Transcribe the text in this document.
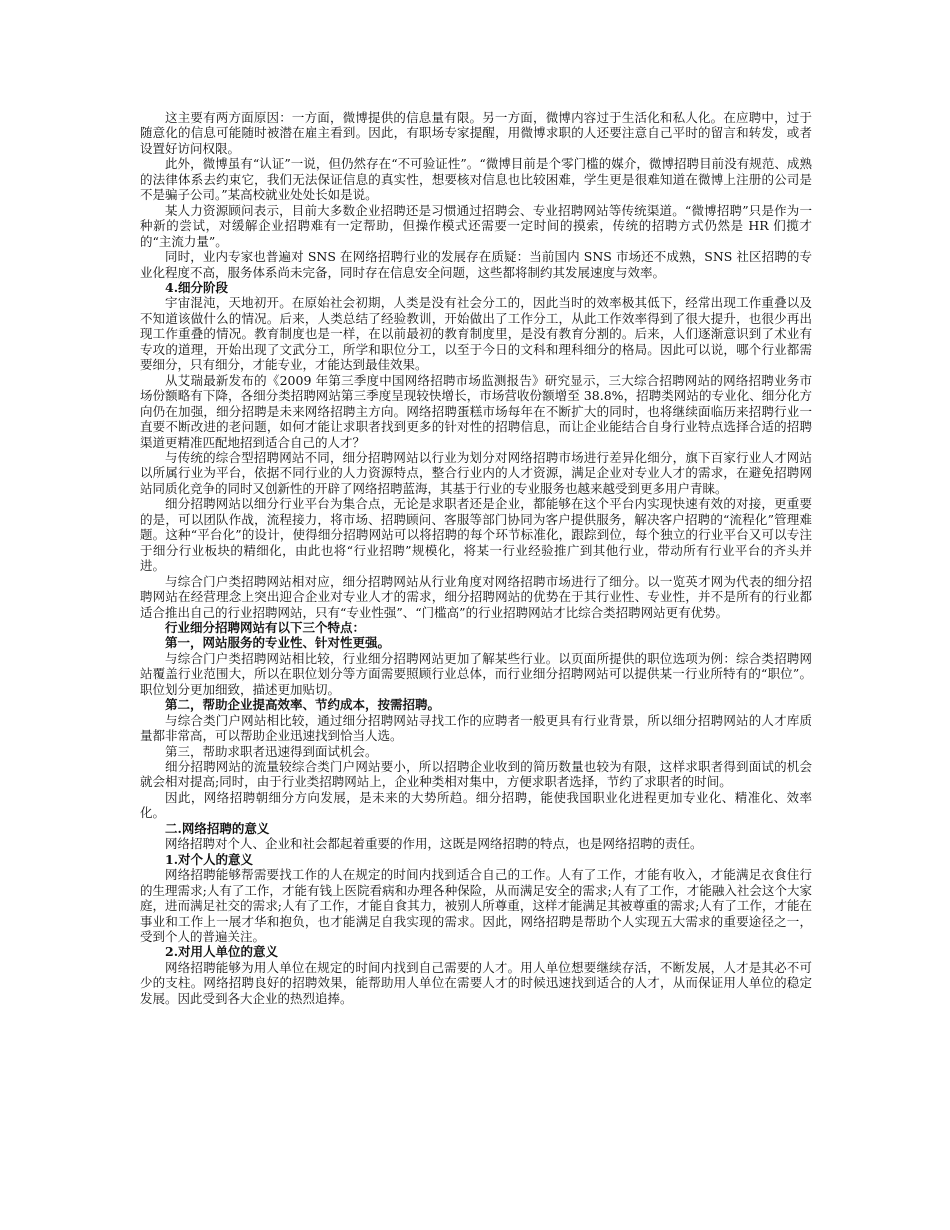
这主要有两方面原因：一方面，微博提供的信息量有限。另一方面，微博内容过于生活化和私人化。在应聘中，过于随意化的信息可能随时被潜在雇主看到。因此，有职场专家提醒，用微博求职的人还要注意自己平时的留言和转发，或者设置好访问权限。

此外，微博虽有“认证”一说，但仍然存在“不可验证性”。“微博目前是个零门槛的媒介，微博招聘目前没有规范、成熟的法律体系去约束它，我们无法保证信息的真实性，想要核对信息也比较困难，学生更是很难知道在微博上注册的公司是不是骗子公司。”某高校就业处处长如是说。

某人力资源顾问表示，目前大多数企业招聘还是习惯通过招聘会、专业招聘网站等传统渠道。“微博招聘”只是作为一种新的尝试，对缓解企业招聘难有一定帮助，但操作模式还需要一定时间的摸索，传统的招聘方式仍然是 HR 们揽才的“主流力量”。

同时，业内专家也普遍对 SNS 在网络招聘行业的发展存在质疑：当前国内 SNS 市场还不成熟，SNS 社区招聘的专业化程度不高，服务体系尚未完备，同时存在信息安全问题，这些都将制约其发展速度与效率。

4.细分阶段

宇宙混沌，天地初开。在原始社会初期，人类是没有社会分工的，因此当时的效率极其低下，经常出现工作重叠以及不知道该做什么的情况。后来，人类总结了经验教训，开始做出了工作分工，从此工作效率得到了很大提升，也很少再出现工作重叠的情况。教育制度也是一样，在以前最初的教育制度里，是没有教育分割的。后来，人们逐渐意识到了术业有专攻的道理，开始出现了文武分工，所学和职位分工，以至于今日的文科和理科细分的格局。因此可以说，哪个行业都需要细分，只有细分，才能专业，才能达到最佳效果。

从艾瑞最新发布的《2009 年第三季度中国网络招聘市场监测报告》研究显示，三大综合招聘网站的网络招聘业务市场份额略有下降，各细分类招聘网站第三季度呈现较快增长，市场营收份额增至 38.8%，招聘类网站的专业化、细分化方向仍在加强，细分招聘是未来网络招聘主方向。网络招聘蛋糕市场每年在不断扩大的同时，也将继续面临历来招聘行业一直要不断改进的老问题，如何才能让求职者找到更多的针对性的招聘信息，而让企业能结合自身行业特点选择合适的招聘渠道更精准匹配地招到适合自己的人才？

与传统的综合型招聘网站不同，细分招聘网站以行业为划分对网络招聘市场进行差异化细分，旗下百家行业人才网站以所属行业为平台，依据不同行业的人力资源特点，整合行业内的人才资源，满足企业对专业人才的需求，在避免招聘网站同质化竞争的同时又创新性的开辟了网络招聘蓝海，其基于行业的专业服务也越来越受到更多用户青睐。

细分招聘网站以细分行业平台为集合点，无论是求职者还是企业，都能够在这个平台内实现快速有效的对接，更重要的是，可以团队作战，流程接力，将市场、招聘顾问、客服等部门协同为客户提供服务，解决客户招聘的“流程化”管理难题。这种“平台化”的设计，使得细分招聘网站可以将招聘的每个环节标准化，跟踪到位，每个独立的行业平台又可以专注于细分行业板块的精细化，由此也将“行业招聘”规模化，将某一行业经验推广到其他行业，带动所有行业平台的齐头并进。

与综合门户类招聘网站相对应，细分招聘网站从行业角度对网络招聘市场进行了细分。以一览英才网为代表的细分招聘网站在经营理念上突出迎合企业对专业人才的需求，细分招聘网站的优势在于其行业性、专业性，并不是所有的行业都适合推出自己的行业招聘网站，只有“专业性强”、“门槛高”的行业招聘网站才比综合类招聘网站更有优势。

行业细分招聘网站有以下三个特点：
第一，网站服务的专业性、针对性更强。

与综合门户类招聘网站相比较，行业细分招聘网站更加了解某些行业。以页面所提供的职位选项为例：综合类招聘网站覆盖行业范围大，所以在职位划分等方面需要照顾行业总体，而行业细分招聘网站可以提供某一行业所特有的“职位”。职位划分更加细致，描述更加贴切。

第二，帮助企业提高效率、节约成本，按需招聘。

与综合类门户网站相比较，通过细分招聘网站寻找工作的应聘者一般更具有行业背景，所以细分招聘网站的人才库质量都非常高，可以帮助企业迅速找到恰当人选。

第三，帮助求职者迅速得到面试机会。

细分招聘网站的流量较综合类门户网站要小，所以招聘企业收到的简历数量也较为有限，这样求职者得到面试的机会就会相对提高;同时，由于行业类招聘网站上，企业种类相对集中，方便求职者选择，节约了求职者的时间。

因此，网络招聘朝细分方向发展，是未来的大势所趋。细分招聘，能使我国职业化进程更加专业化、精准化、效率化。

二.网络招聘的意义

网络招聘对个人、企业和社会都起着重要的作用，这既是网络招聘的特点，也是网络招聘的责任。

1.对个人的意义

网络招聘能够帮需要找工作的人在规定的时间内找到适合自己的工作。人有了工作，才能有收入，才能满足衣食住行的生理需求;人有了工作，才能有钱上医院看病和办理各种保险，从而满足安全的需求;人有了工作，才能融入社会这个大家庭，进而满足社交的需求;人有了工作，才能自食其力，被别人所尊重，这样才能满足其被尊重的需求;人有了工作，才能在事业和工作上一展才华和抱负，也才能满足自我实现的需求。因此，网络招聘是帮助个人实现五大需求的重要途径之一，受到个人的普遍关注。

2.对用人单位的意义

网络招聘能够为用人单位在规定的时间内找到自己需要的人才。用人单位想要继续存活，不断发展，人才是其必不可少的支柱。网络招聘良好的招聘效果，能帮助用人单位在需要人才的时候迅速找到适合的人才，从而保证用人单位的稳定发展。因此受到各大企业的热烈追捧。
